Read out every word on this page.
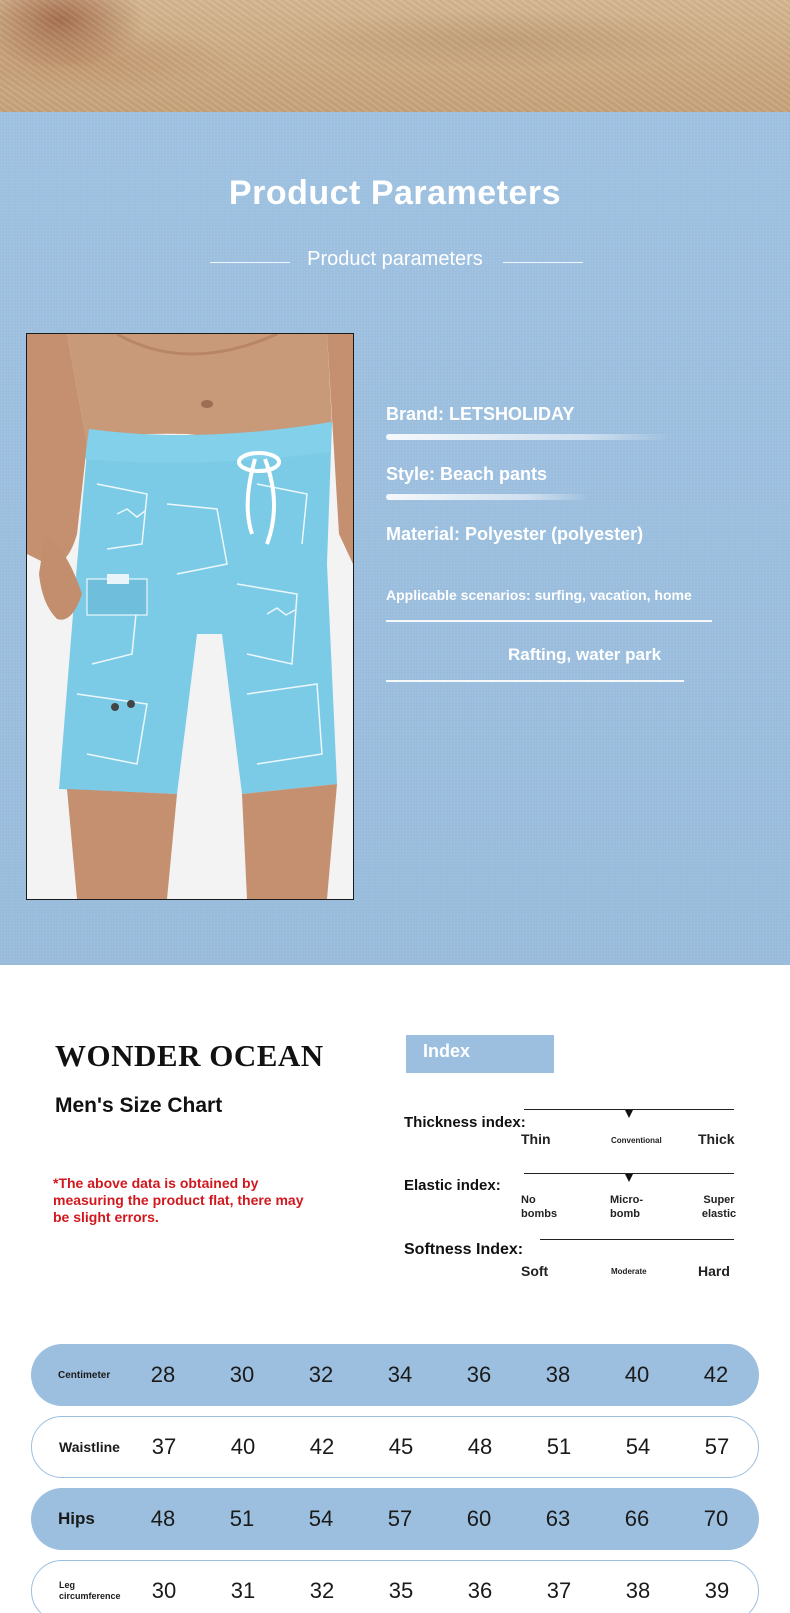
Product Parameters
Product parameters
Brand: LETSHOLIDAY
Style: Beach pants
Material: Polyester (polyester)
Applicable scenarios: surfing, vacation, home
Rafting, water park
WONDER OCEAN
Men's Size Chart
*The above data is obtained by measuring the product flat, there may be slight errors.
Index
Thickness index:
Thin	Conventional	Thick
Elastic index:
No bombs
Micro-bomb
Super elastic
Softness Index:
Soft	Moderate	Hard
Centimeter	28	30	32	34	36	38	40	42
Waistline	37	40	42	45	48	51	54	57
Hips	48	51	54	57	60	63	66	70
Leg circumference	30	31	32	35	36	37	38	39
